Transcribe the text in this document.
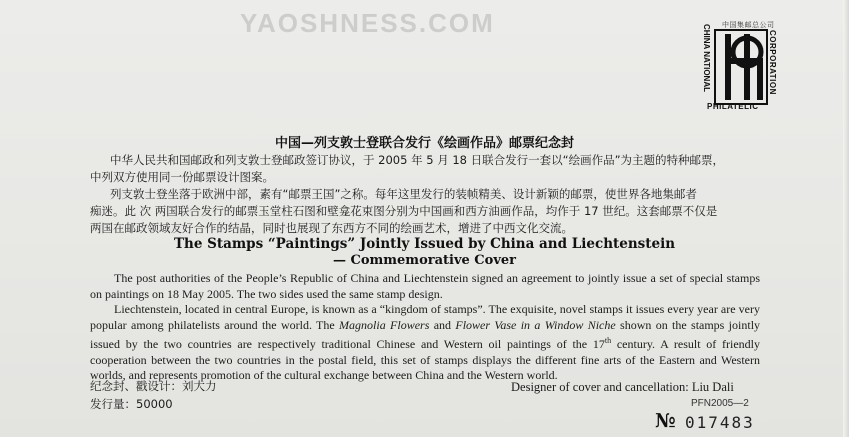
YAOSHNESS.COM	中国集邮总公司
CORPORATION
CHINA NATIONAL
PHILATELIC
中国—列支敦士登联合发行《绘画作品》邮票纪念封

中华人民共和国邮政和列支敦士登邮政签订协议，于 2005 年 5 月 18 日联合发行一套以“绘画作品”为主题的特种邮票，

中列双方使用同一份邮票设计图案。

列支敦士登坐落于欧洲中部，素有“邮票王国”之称。每年这里发行的装帧精美、设计新颖的邮票，使世界各地集邮者

痴迷。此 次 两国联合发行的邮票玉堂柱石图和壁龛花束图分别为中国画和西方油画作品，均作于 17 世纪。这套邮票不仅是

两国在邮政领域友好合作的结晶，同时也展现了东西方不同的绘画艺术，增进了中西文化交流。

The Stamps “Paintings” Jointly Issued by China and Liechtenstein
— Commemorative Cover

The post authorities of the People’s Republic of China and Liechtenstein signed an agreement to jointly issue a set of special stamps on paintings on 18 May 2005. The two sides used the same stamp design.

Liechtenstein, located in central Europe, is known as a “kingdom of stamps”. The exquisite, novel stamps it issues every year are very popular among philatelists around the world. The Magnolia Flowers and Flower Vase in a Window Niche shown on the stamps jointly issued by the two countries are respectively traditional Chinese and Western oil paintings of the 17th century. A result of friendly cooperation between the two countries in the postal field, this set of stamps displays the different fine arts of the Eastern and Western worlds, and represents promotion of the cultural exchange between China and the Western world.

纪念封、戳设计：刘大力
发行量：50000
Designer of cover and cancellation: Liu Dali
PFN2005—2
№ 017483
